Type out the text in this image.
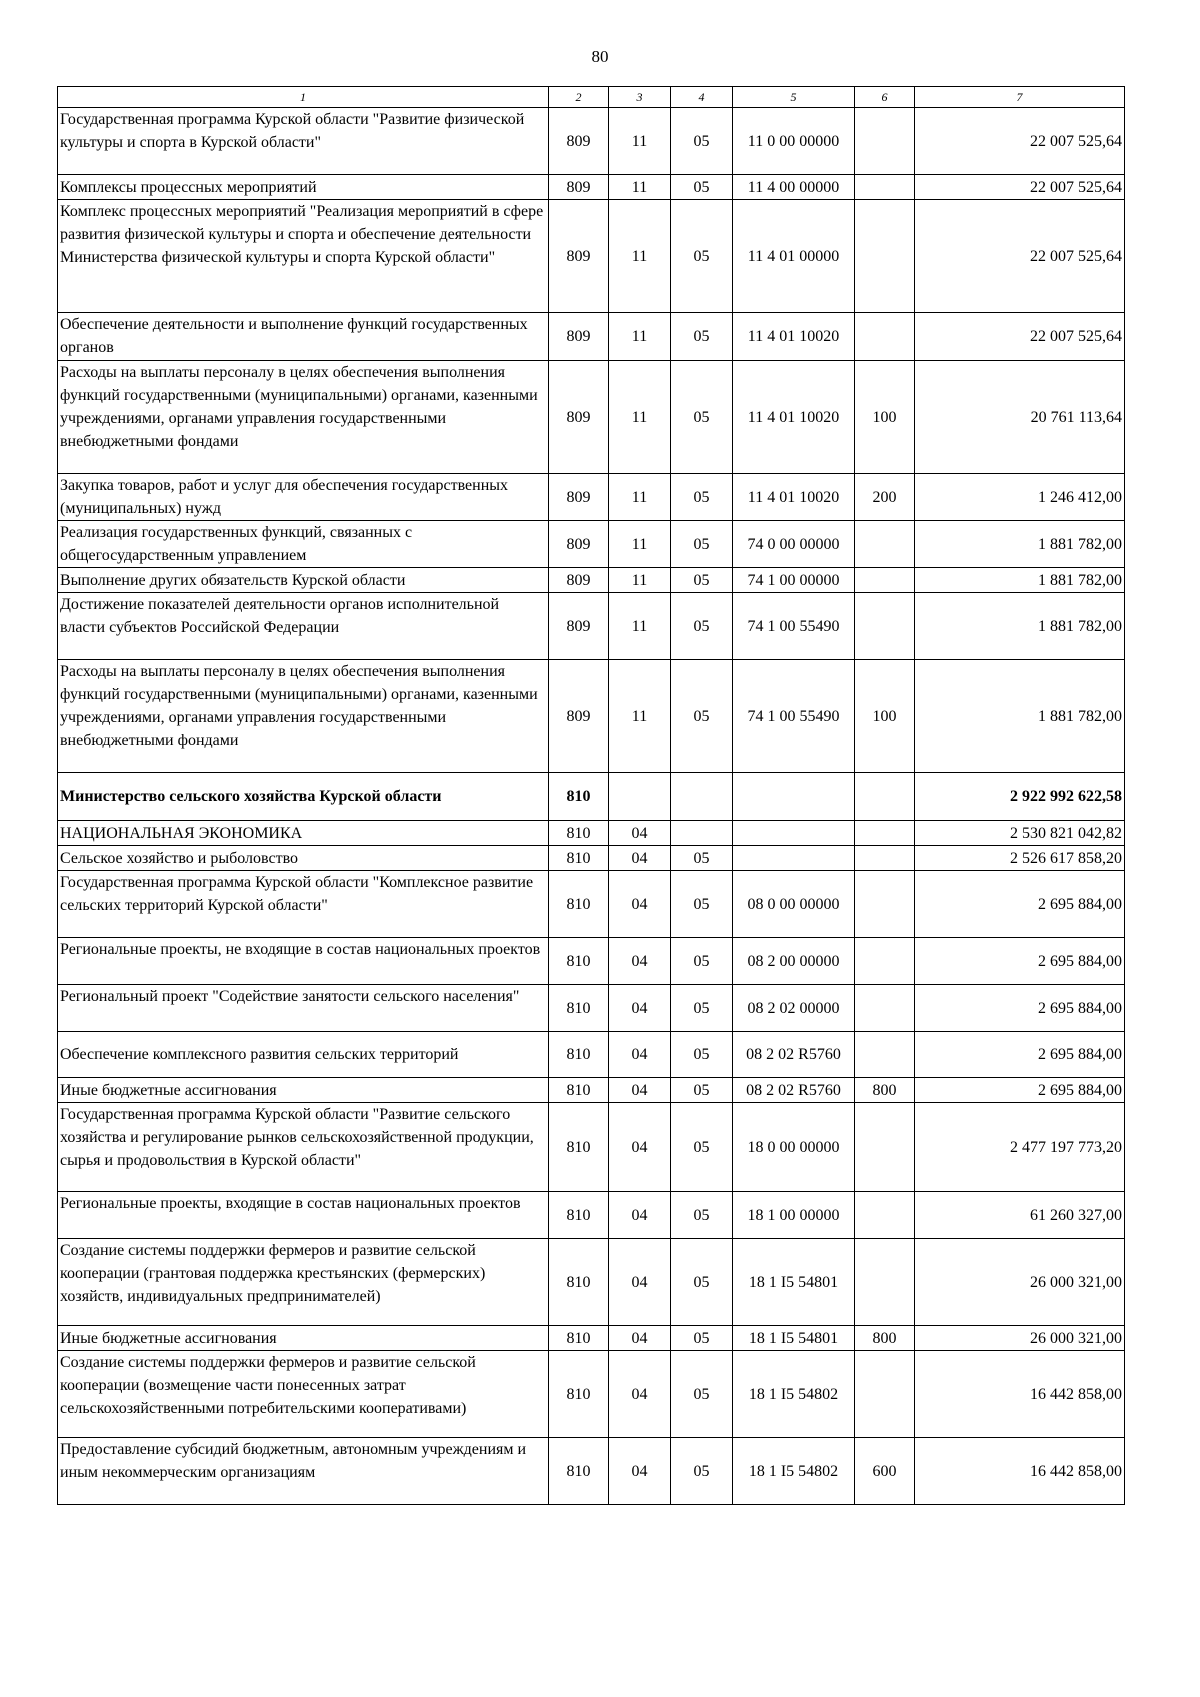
80
1	2	3	4	5	6	7
Государственная программа Курской области "Развитие физической культуры и спорта в Курской области"	809	11	05	11 0 00 00000		22 007 525,64
Комплексы процессных мероприятий	809	11	05	11 4 00 00000		22 007 525,64
Комплекс процессных мероприятий "Реализация мероприятий в сфере развития физической культуры и спорта и обеспечение деятельности Министерства физической культуры и спорта Курской области"	809	11	05	11 4 01 00000		22 007 525,64
Обеспечение деятельности и выполнение функций государственных органов	809	11	05	11 4 01 10020		22 007 525,64
Расходы на выплаты персоналу в целях обеспечения выполнения функций государственными (муниципальными) органами, казенными учреждениями, органами управления государственными внебюджетными фондами	809	11	05	11 4 01 10020	100	20 761 113,64
Закупка товаров, работ и услуг для обеспечения государственных (муниципальных) нужд	809	11	05	11 4 01 10020	200	1 246 412,00
Реализация государственных функций, связанных с общегосударственным управлением	809	11	05	74 0 00 00000		1 881 782,00
Выполнение других обязательств Курской области	809	11	05	74 1 00 00000		1 881 782,00
Достижение показателей деятельности органов исполнительной власти субъектов Российской Федерации	809	11	05	74 1 00 55490		1 881 782,00
Расходы на выплаты персоналу в целях обеспечения выполнения функций государственными (муниципальными) органами, казенными учреждениями, органами управления государственными внебюджетными фондами	809	11	05	74 1 00 55490	100	1 881 782,00
Министерство сельского хозяйства Курской области	810					2 922 992 622,58
НАЦИОНАЛЬНАЯ ЭКОНОМИКА	810	04				2 530 821 042,82
Сельское хозяйство и рыболовство	810	04	05			2 526 617 858,20
Государственная программа Курской области "Комплексное развитие сельских территорий Курской области"	810	04	05	08 0 00 00000		2 695 884,00
Региональные проекты, не входящие в состав национальных проектов	810	04	05	08 2 00 00000		2 695 884,00
Региональный проект "Содействие занятости сельского населения"	810	04	05	08 2 02 00000		2 695 884,00
Обеспечение комплексного развития сельских территорий	810	04	05	08 2 02 R5760		2 695 884,00
Иные бюджетные ассигнования	810	04	05	08 2 02 R5760	800	2 695 884,00
Государственная программа Курской области "Развитие сельского хозяйства и регулирование рынков сельскохозяйственной продукции, сырья и продовольствия в Курской области"	810	04	05	18 0 00 00000		2 477 197 773,20
Региональные проекты, входящие в состав национальных проектов	810	04	05	18 1 00 00000		61 260 327,00
Создание системы поддержки фермеров и развитие сельской кооперации (грантовая поддержка крестьянских (фермерских) хозяйств, индивидуальных предпринимателей)	810	04	05	18 1 I5 54801		26 000 321,00
Иные бюджетные ассигнования	810	04	05	18 1 I5 54801	800	26 000 321,00
Создание системы поддержки фермеров и развитие сельской кооперации (возмещение части понесенных затрат сельскохозяйственными потребительскими кооперативами)	810	04	05	18 1 I5 54802		16 442 858,00
Предоставление субсидий бюджетным, автономным учреждениям и иным некоммерческим организациям	810	04	05	18 1 I5 54802	600	16 442 858,00
